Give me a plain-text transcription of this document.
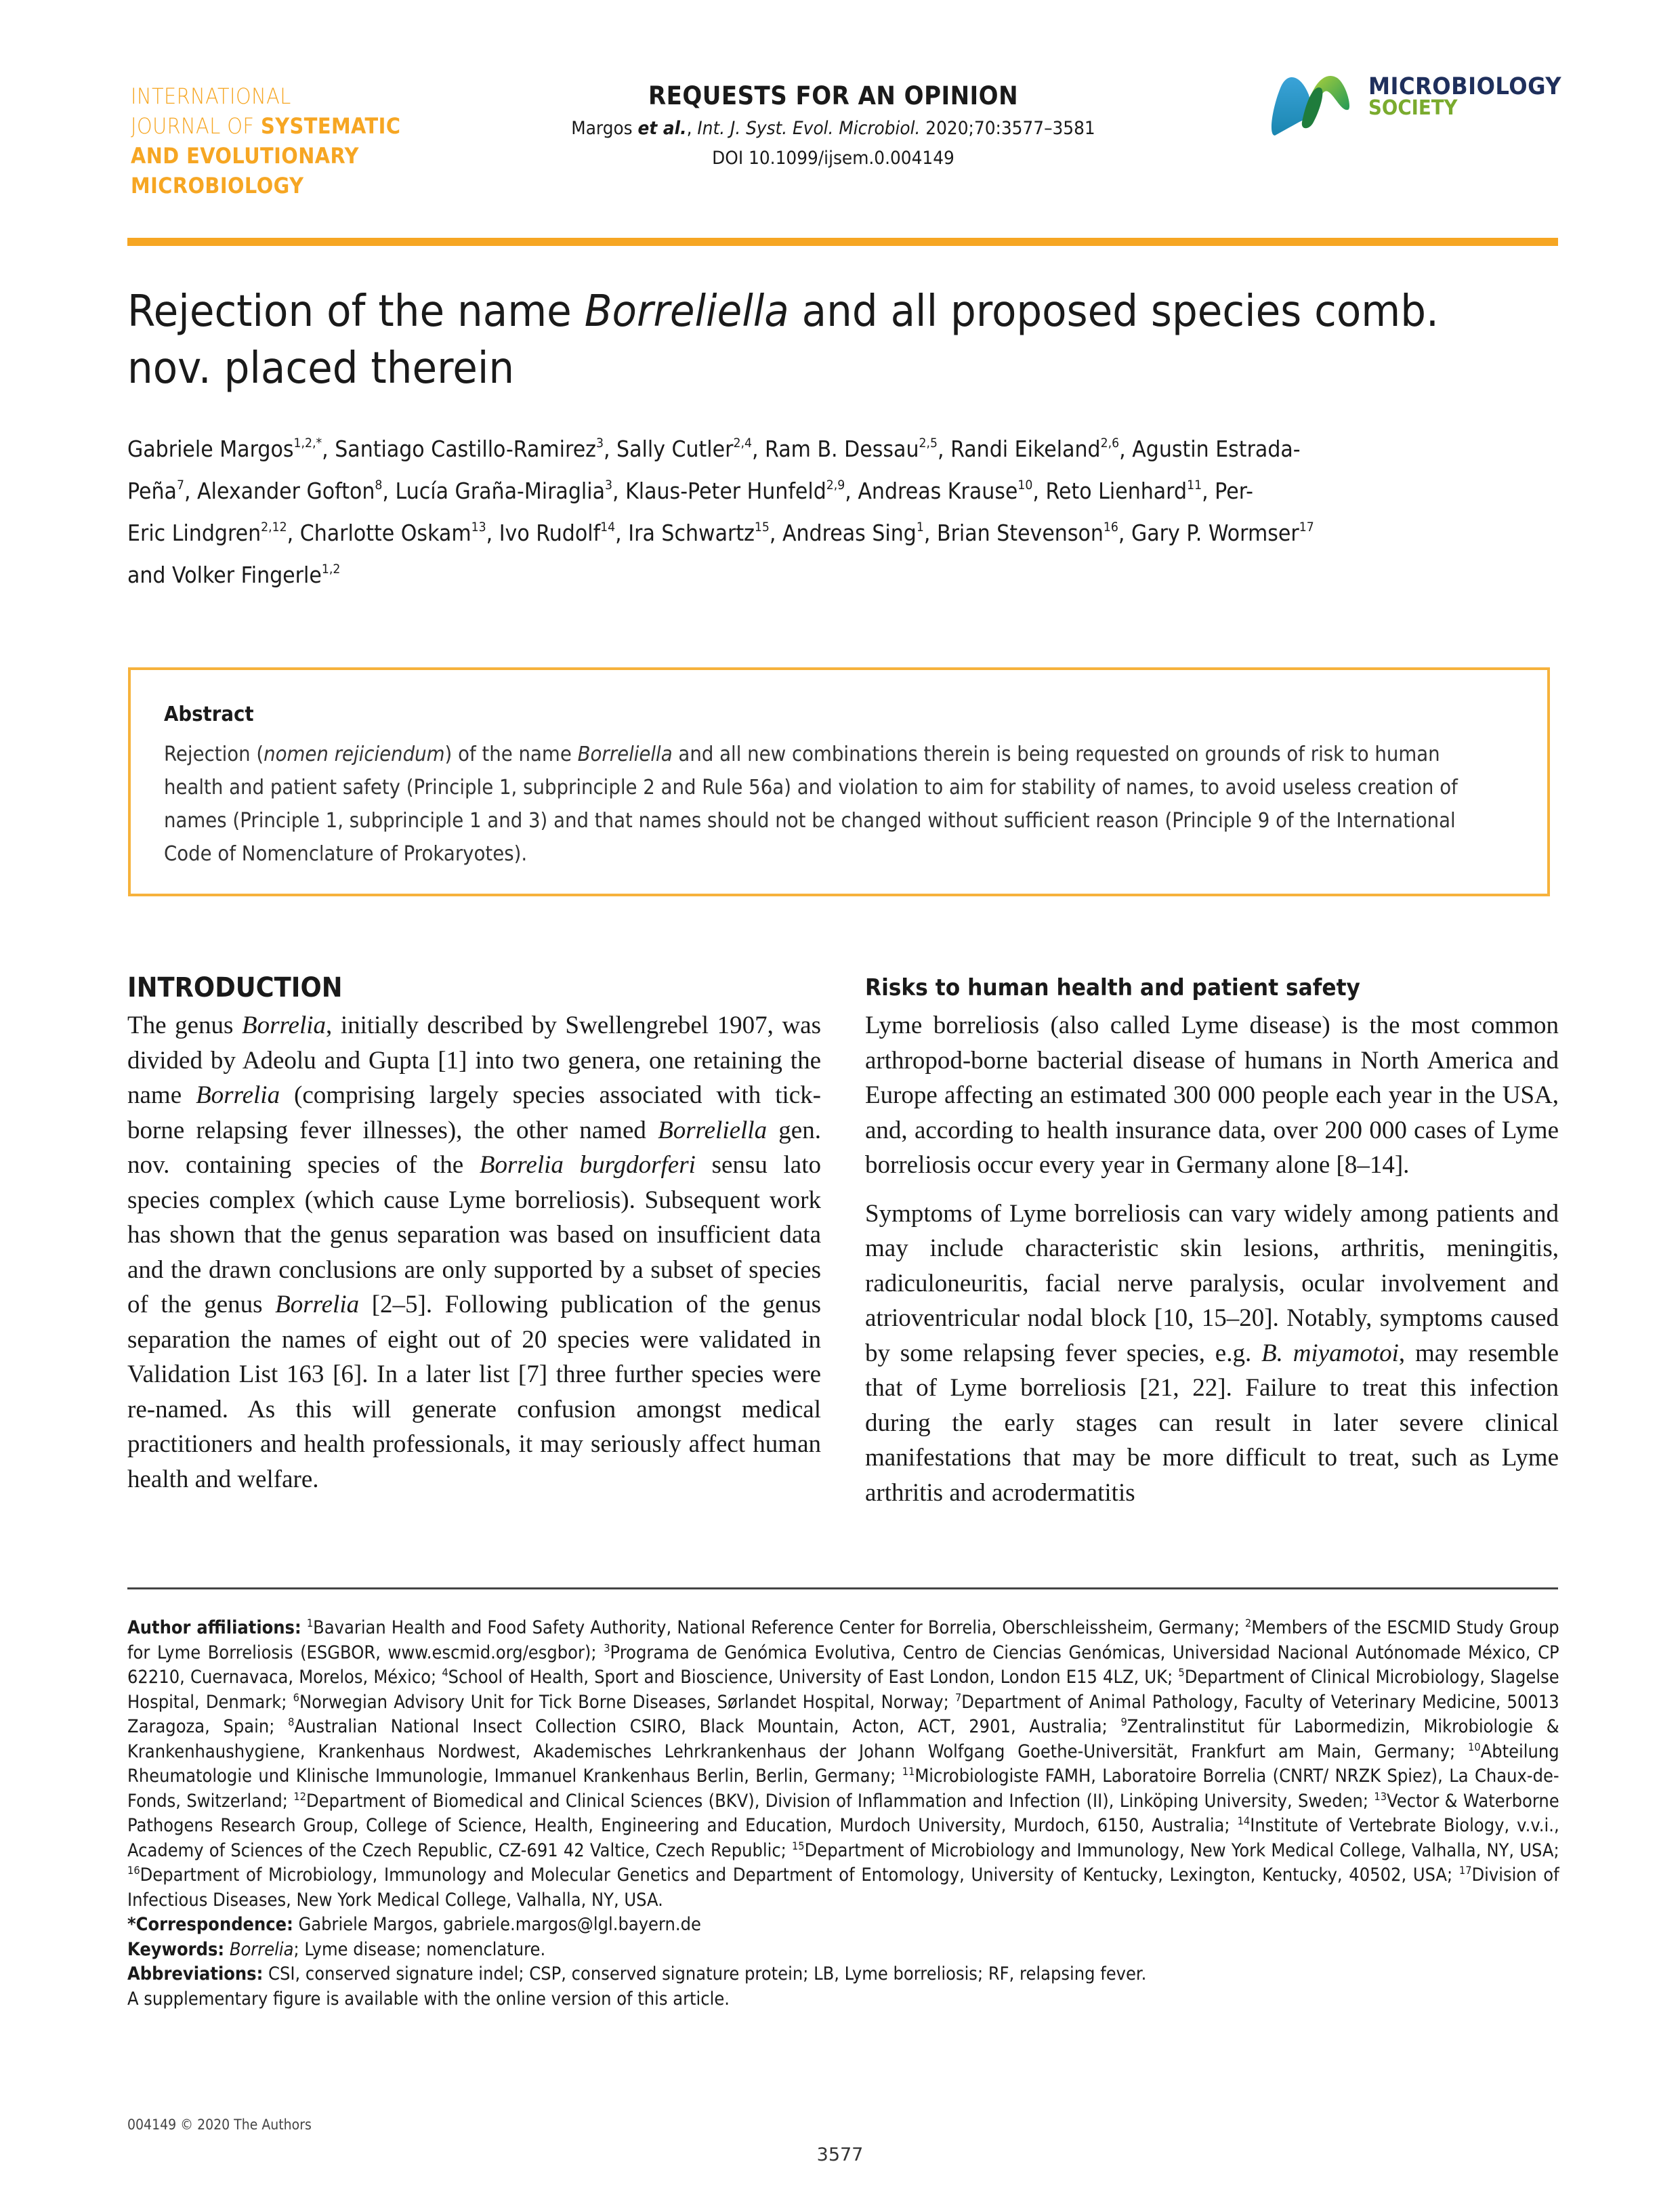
INTERNATIONAL
JOURNAL OF SYSTEMATIC
AND EVOLUTIONARY
MICROBIOLOGY
REQUESTS FOR AN OPINION
Margos et al., Int. J. Syst. Evol. Microbiol. 2020;70:3577–3581
DOI 10.1099/ijsem.0.004149
MICROBIOLOGY
SOCIETY
Rejection of the name Borreliella and all proposed species comb. nov. placed therein
Gabriele Margos$^{1,2,*}$, Santiago Castillo-Ramirez$^3$, Sally Cutler$^{2,4}$, Ram B. Dessau$^{2,5}$, Randi Eikeland$^{2,6}$, Agustin Estrada-
Peña$^7$, Alexander Gofton$^8$, Lucía Graña-Miraglia$^3$, Klaus-Peter Hunfeld$^{2,9}$, Andreas Krause$^{10}$, Reto Lienhard$^{11}$, Per-
Eric Lindgren$^{2,12}$, Charlotte Oskam$^{13}$, Ivo Rudolf$^{14}$, Ira Schwartz$^{15}$, Andreas Sing$^1$, Brian Stevenson$^{16}$, Gary P. Wormser$^{17}$
and Volker Fingerle$^{1,2}$
Abstract
Rejection (nomen rejiciendum) of the name Borreliella and all new combinations therein is being requested on grounds of risk to human health and patient safety (Principle 1, subprinciple 2 and Rule 56a) and violation to aim for stability of names, to avoid useless creation of names (Principle 1, subprinciple 1 and 3) and that names should not be changed without sufficient reason (Principle 9 of the International Code of Nomenclature of Prokaryotes).
INTRODUCTION

The genus Borrelia, initially described by Swellengrebel 1907, was divided by Adeolu and Gupta [1] into two genera, one retaining the name Borrelia (comprising largely species associated with tick-borne relapsing fever illnesses), the other named Borreliella gen. nov. containing species of the Borrelia burgdorferi sensu lato species complex (which cause Lyme borreliosis). Subsequent work has shown that the genus separation was based on insufficient data and the drawn conclusions are only supported by a subset of species of the genus Borrelia [2–5]. Following publication of the genus separation the names of eight out of 20 species were validated in Validation List 163 [6]. In a later list [7] three further species were re-named. As this will generate confusion amongst medical practitioners and health professionals, it may seriously affect human health and welfare.

Risks to human health and patient safety

Lyme borreliosis (also called Lyme disease) is the most common arthropod-borne bacterial disease of humans in North America and Europe affecting an estimated 300 000 people each year in the USA, and, according to health insurance data, over 200 000 cases of Lyme borreliosis occur every year in Germany alone [8–14].

Symptoms of Lyme borreliosis can vary widely among patients and may include characteristic skin lesions, arthritis, meningitis, radiculoneuritis, facial nerve paralysis, ocular involvement and atrioventricular nodal block [10, 15–20]. Notably, symptoms caused by some relapsing fever species, e.g. B. miyamotoi, may resemble that of Lyme borreliosis [21, 22]. Failure to treat this infection during the early stages can result in later severe clinical manifestations that may be more difficult to treat, such as Lyme arthritis and acrodermatitis

Author affiliations: $^1$Bavarian Health and Food Safety Authority, National Reference Center for Borrelia, Oberschleissheim, Germany; $^2$Members of the ESCMID Study Group for Lyme Borreliosis (ESGBOR, www.escmid.org/esgbor); $^3$Programa de Genómica Evolutiva, Centro de Ciencias Genómicas, Universidad Nacional Autónomade México, CP 62210, Cuernavaca, Morelos, México; $^4$School of Health, Sport and Bioscience, University of East London, London E15 4LZ, UK; $^5$Department of Clinical Microbiology, Slagelse Hospital, Denmark; $^6$Norwegian Advisory Unit for Tick Borne Diseases, Sørlandet Hospital, Norway; $^7$Department of Animal Pathology, Faculty of Veterinary Medicine, 50013 Zaragoza, Spain; $^8$Australian National Insect Collection CSIRO, Black Mountain, Acton, ACT, 2901, Australia; $^9$Zentralinstitut für Labormedizin, Mikrobiologie & Krankenhaushygiene, Krankenhaus Nordwest, Akademisches Lehrkrankenhaus der Johann Wolfgang Goethe-Universität, Frankfurt am Main, Germany; $^{10}$Abteilung Rheumatologie und Klinische Immunologie, Immanuel Krankenhaus Berlin, Berlin, Germany; $^{11}$Microbiologiste FAMH, Laboratoire Borrelia (CNRT/ NRZK Spiez), La Chaux-de-Fonds, Switzerland; $^{12}$Department of Biomedical and Clinical Sciences (BKV), Division of Inflammation and Infection (II), Linköping University, Sweden; $^{13}$Vector & Waterborne Pathogens Research Group, College of Science, Health, Engineering and Education, Murdoch University, Murdoch, 6150, Australia; $^{14}$Institute of Vertebrate Biology, v.v.i., Academy of Sciences of the Czech Republic, CZ-691 42 Valtice, Czech Republic; $^{15}$Department of Microbiology and Immunology, New York Medical College, Valhalla, NY, USA; $^{16}$Department of Microbiology, Immunology and Molecular Genetics and Department of Entomology, University of Kentucky, Lexington, Kentucky, 40502, USA; $^{17}$Division of Infectious Diseases, New York Medical College, Valhalla, NY, USA.

*Correspondence: Gabriele Margos, gabriele.margos@lgl.bayern.de

Keywords: Borrelia; Lyme disease; nomenclature.

Abbreviations: CSI, conserved signature indel; CSP, conserved signature protein; LB, Lyme borreliosis; RF, relapsing fever.

A supplementary figure is available with the online version of this article.

004149 © 2020 The Authors
3577
